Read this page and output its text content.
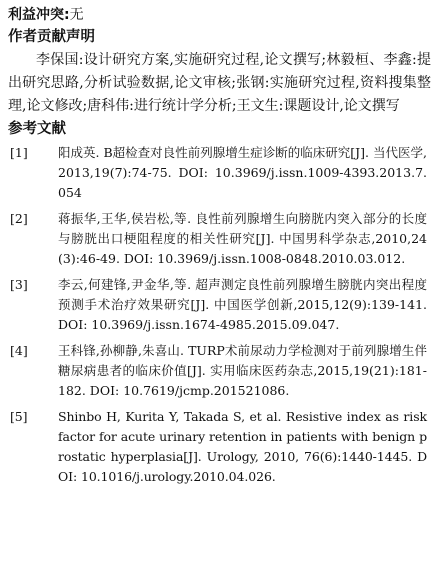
利益冲突:无

作者贡献声明

李保国:设计研究方案,实施研究过程,论文撰写;林毅桓、李鑫:提出研究思路,分析试验数据,论文审核;张钢:实施研究过程,资料搜集整理,论文修改;唐科伟:进行统计学分析;王文生:课题设计,论文撰写

参考文献

[1]	阳成英. B超检查对良性前列腺增生症诊断的临床研究[J]. 当代医学,2013,19(7):74-75. DOI: 10.3969/j.issn.1009-4393.2013.7.054
[2]	蒋振华,王华,侯岩松,等. 良性前列腺增生向膀胱内突入部分的长度与膀胱出口梗阻程度的相关性研究[J]. 中国男科学杂志,2010,24(3):46-49. DOI: 10.3969/j.issn.1008-0848.2010.03.012.
[3]	李云,何建锋,尹金华,等. 超声测定良性前列腺增生膀胱内突出程度预测手术治疗效果研究[J]. 中国医学创新,2015,12(9):139-141. DOI: 10.3969/j.issn.1674-4985.2015.09.047.
[4]	王科锋,孙柳静,朱喜山. TURP术前尿动力学检测对于前列腺增生伴糖尿病患者的临床价值[J]. 实用临床医药杂志,2015,19(21):181-182. DOI: 10.7619/jcmp.201521086.
[5]	Shinbo H, Kurita Y, Takada S, et al. Resistive index as risk factor for acute urinary retention in patients with benign prostatic hyperplasia[J]. Urology, 2010, 76(6):1440-1445. DOI: 10.1016/j.urology.2010.04.026.
